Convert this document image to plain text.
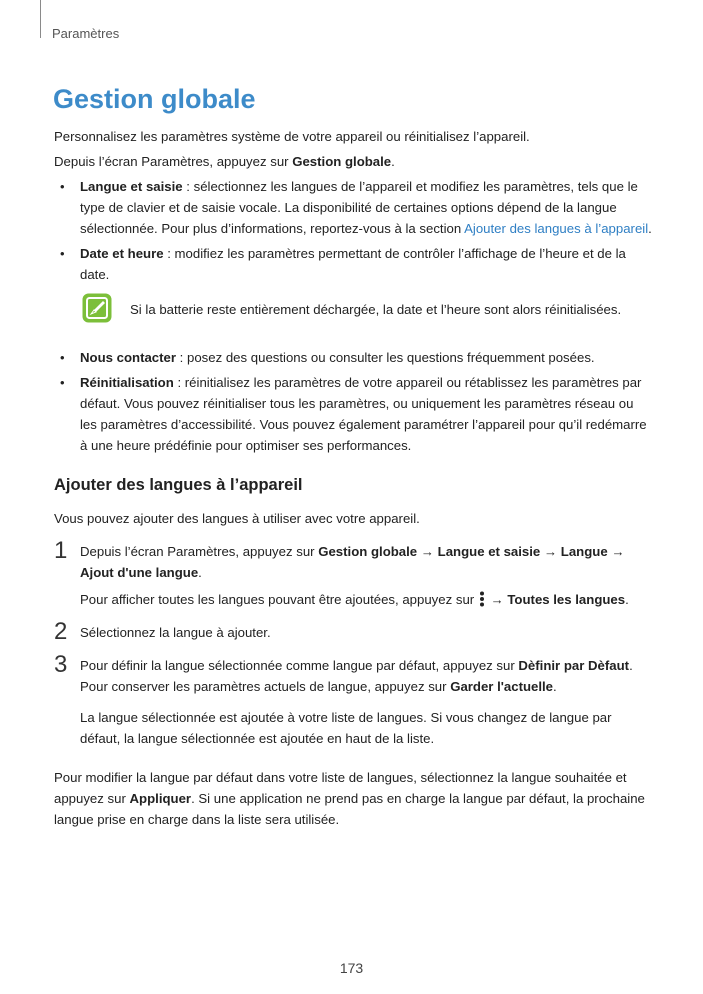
Paramètres
Gestion globale

Personnalisez les paramètres système de votre appareil ou réinitialisez l’appareil.

Depuis l’écran Paramètres, appuyez sur Gestion globale.

• Langue et saisie : sélectionnez les langues de l’appareil et modifiez les paramètres, tels que le type de clavier et de saisie vocale. La disponibilité de certaines options dépend de la langue sélectionnée. Pour plus d’informations, reportez-vous à la section Ajouter des langues à l’appareil.
• Date et heure : modifiez les paramètres permettant de contrôler l’affichage de l’heure et de la date.

Si la batterie reste entièrement déchargée, la date et l’heure sont alors réinitialisées.

• Nous contacter : posez des questions ou consulter les questions fréquemment posées.
• Réinitialisation : réinitialisez les paramètres de votre appareil ou rétablissez les paramètres par défaut. Vous pouvez réinitialiser tous les paramètres, ou uniquement les paramètres réseau ou les paramètres d’accessibilité. Vous pouvez également paramétrer l’appareil pour qu’il redémarre à une heure prédéfinie pour optimiser ses performances.
Ajouter des langues à l’appareil

Vous pouvez ajouter des langues à utiliser avec votre appareil.

1 Depuis l’écran Paramètres, appuyez sur Gestion globale → Langue et saisie → Langue → Ajout d'une langue.

Pour afficher toutes les langues pouvant être ajoutées, appuyez sur  → Toutes les langues.

2 Sélectionnez la langue à ajouter.

3 Pour définir la langue sélectionnée comme langue par défaut, appuyez sur Dèfinir par Dèfaut. Pour conserver les paramètres actuels de langue, appuyez sur Garder l'actuelle.

La langue sélectionnée est ajoutée à votre liste de langues. Si vous changez de langue par défaut, la langue sélectionnée est ajoutée en haut de la liste.

Pour modifier la langue par défaut dans votre liste de langues, sélectionnez la langue souhaitée et appuyez sur Appliquer. Si une application ne prend pas en charge la langue par défaut, la prochaine langue prise en charge dans la liste sera utilisée.

173
